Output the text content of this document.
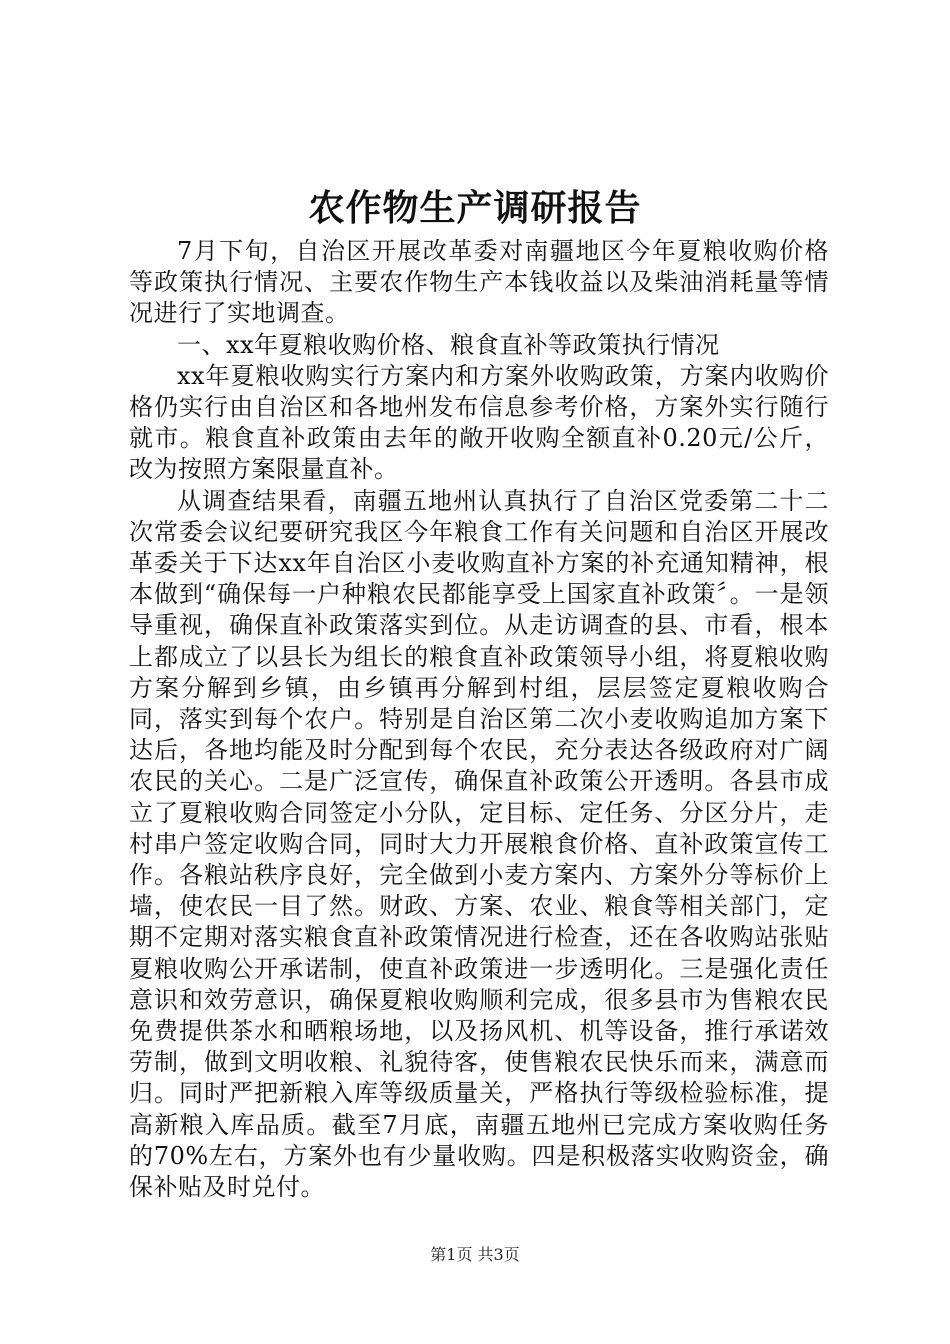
农作物生产调研报告

7月下旬，自治区开展改革委对南疆地区今年夏粮收购价格等政策执行情况、主要农作物生产本钱收益以及柴油消耗量等情况进行了实地调查。

一、xx年夏粮收购价格、粮食直补等政策执行情况

xx年夏粮收购实行方案内和方案外收购政策，方案内收购价格仍实行由自治区和各地州发布信息参考价格，方案外实行随行就市。粮食直补政策由去年的敞开收购全额直补0.20元/公斤，改为按照方案限量直补。

从调查结果看，南疆五地州认真执行了自治区党委第二十二次常委会议纪要研究我区今年粮食工作有关问题和自治区开展改革委关于下达xx年自治区小麦收购直补方案的补充通知精神，根本做到“确保每一户种粮农民都能享受上国家直补政策〞。一是领导重视，确保直补政策落实到位。从走访调查的县、市看，根本上都成立了以县长为组长的粮食直补政策领导小组，将夏粮收购方案分解到乡镇，由乡镇再分解到村组，层层签定夏粮收购合同，落实到每个农户。特别是自治区第二次小麦收购追加方案下达后，各地均能及时分配到每个农民，充分表达各级政府对广阔农民的关心。二是广泛宣传，确保直补政策公开透明。各县市成立了夏粮收购合同签定小分队，定目标、定任务、分区分片，走村串户签定收购合同，同时大力开展粮食价格、直补政策宣传工作。各粮站秩序良好，完全做到小麦方案内、方案外分等标价上墙，使农民一目了然。财政、方案、农业、粮食等相关部门，定期不定期对落实粮食直补政策情况进行检查，还在各收购站张贴夏粮收购公开承诺制，使直补政策进一步透明化。三是强化责任意识和效劳意识，确保夏粮收购顺利完成，很多县市为售粮农民免费提供茶水和晒粮场地，以及扬风机、机等设备，推行承诺效劳制，做到文明收粮、礼貌待客，使售粮农民快乐而来，满意而归。同时严把新粮入库等级质量关，严格执行等级检验标准，提高新粮入库品质。截至7月底，南疆五地州已完成方案收购任务的70%左右，方案外也有少量收购。四是积极落实收购资金，确保补贴及时兑付。

第1页 共3页
